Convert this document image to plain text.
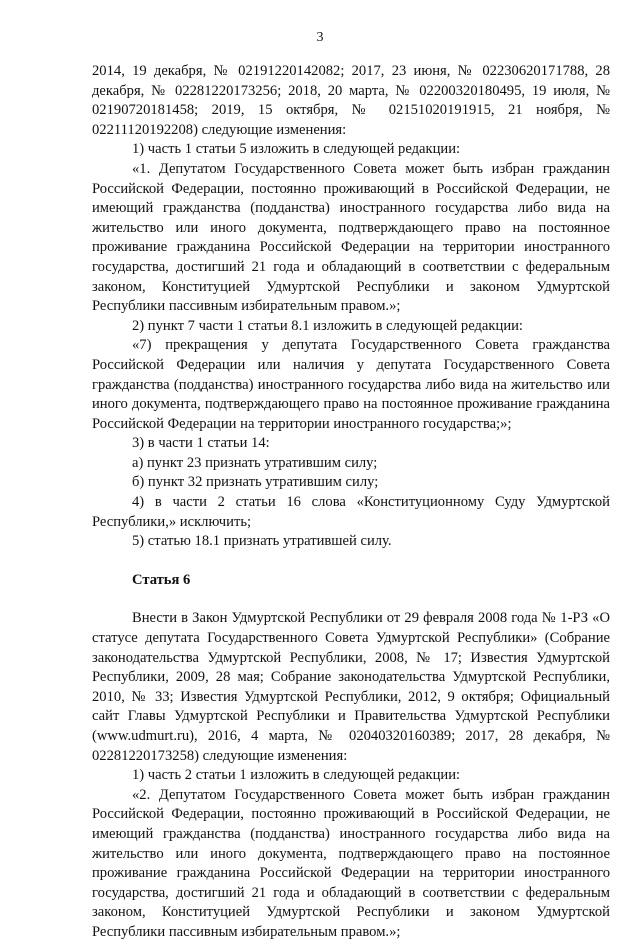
3

2014, 19 декабря, № 02191220142082; 2017, 23 июня, № 02230620171788, 28 декабря, № 02281220173256; 2018, 20 марта, № 02200320180495, 19 июля, № 02190720181458; 2019, 15 октября, № 02151020191915, 21 ноября, № 02211120192208) следующие изменения:

1) часть 1 статьи 5 изложить в следующей редакции:

«1. Депутатом Государственного Совета может быть избран гражданин Российской Федерации, постоянно проживающий в Российской Федерации, не имеющий гражданства (подданства) иностранного государства либо вида на жительство или иного документа, подтверждающего право на постоянное проживание гражданина Российской Федерации на территории иностранного государства, достигший 21 года и обладающий в соответствии с федеральным законом, Конституцией Удмуртской Республики и законом Удмуртской Республики пассивным избирательным правом.»;

2) пункт 7 части 1 статьи 8.1 изложить в следующей редакции:

«7) прекращения у депутата Государственного Совета гражданства Российской Федерации или наличия у депутата Государственного Совета гражданства (подданства) иностранного государства либо вида на жительство или иного документа, подтверждающего право на постоянное проживание гражданина Российской Федерации на территории иностранного государства;»;

3) в части 1 статьи 14:

а) пункт 23 признать утратившим силу;

б) пункт 32 признать утратившим силу;

4) в части 2 статьи 16 слова «Конституционному Суду Удмуртской Республики,» исключить;

5) статью 18.1 признать утратившей силу.

Статья 6

Внести в Закон Удмуртской Республики от 29 февраля 2008 года № 1-РЗ «О статусе депутата Государственного Совета Удмуртской Республики» (Собрание законодательства Удмуртской Республики, 2008, № 17; Известия Удмуртской Республики, 2009, 28 мая; Собрание законодательства Удмуртской Республики, 2010, № 33; Известия Удмуртской Республики, 2012, 9 октября; Официальный сайт Главы Удмуртской Республики и Правительства Удмуртской Республики (www.udmurt.ru), 2016, 4 марта, № 02040320160389; 2017, 28 декабря, № 02281220173258) следующие изменения:

1) часть 2 статьи 1 изложить в следующей редакции:

«2. Депутатом Государственного Совета может быть избран гражданин Российской Федерации, постоянно проживающий в Российской Федерации, не имеющий гражданства (подданства) иностранного государства либо вида на жительство или иного документа, подтверждающего право на постоянное проживание гражданина Российской Федерации на территории иностранного государства, достигший 21 года и обладающий в соответствии с федеральным законом, Конституцией Удмуртской Республики и законом Удмуртской Республики пассивным избирательным правом.»;
